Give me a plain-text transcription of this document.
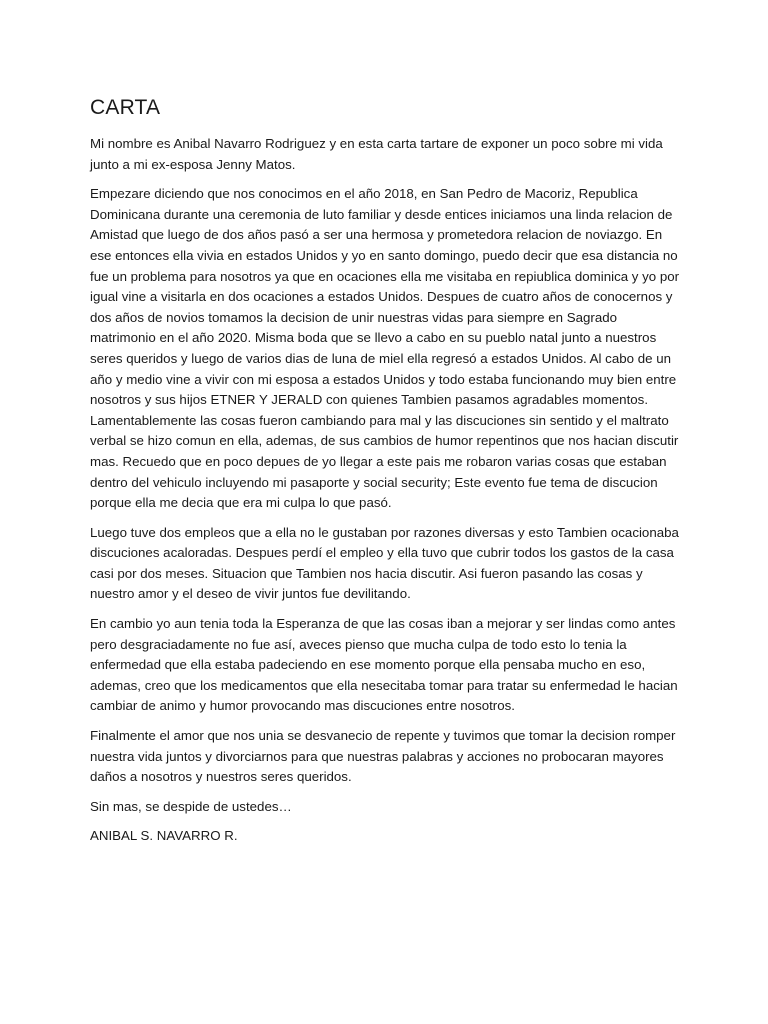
CARTA

Mi nombre es Anibal Navarro Rodriguez y en esta carta tartare de exponer un poco sobre mi vida junto a mi ex-esposa Jenny Matos.

Empezare diciendo que nos conocimos en el año 2018, en San Pedro de Macoriz, Republica Dominicana durante una ceremonia de luto familiar y desde entices iniciamos una linda relacion de Amistad que luego de dos años pasó a ser una hermosa y prometedora relacion de noviazgo. En ese entonces ella vivia en estados Unidos y yo en santo domingo, puedo decir que esa distancia no fue un problema para nosotros ya que en ocaciones ella me visitaba en repiublica dominica y yo por igual vine a visitarla en dos ocaciones a estados Unidos. Despues de cuatro años de conocernos y dos años de novios tomamos la decision de unir nuestras vidas para siempre en Sagrado matrimonio en el año 2020. Misma boda que se llevo a cabo en su pueblo natal junto a nuestros seres queridos y luego de varios dias de luna de miel ella regresó a estados Unidos. Al cabo de un año y medio vine a vivir con mi esposa a estados Unidos y todo estaba funcionando muy bien entre nosotros y sus hijos ETNER Y JERALD con quienes Tambien pasamos agradables momentos. Lamentablemente las cosas fueron cambiando para mal y las discuciones sin sentido y el maltrato verbal se hizo comun en ella, ademas, de sus cambios de humor repentinos que nos hacian discutir mas. Recuedo que en poco depues de yo llegar a este pais me robaron varias cosas que estaban dentro del vehiculo incluyendo mi pasaporte y social security; Este evento fue tema de discucion porque ella me decia que era mi culpa lo que pasó.

Luego tuve dos empleos que a ella no le gustaban por razones diversas y esto Tambien ocacionaba discuciones acaloradas. Despues perdí el empleo y ella tuvo que cubrir todos los gastos de la casa casi por dos meses. Situacion que Tambien nos hacia discutir. Asi fueron pasando las cosas y nuestro amor y el deseo de vivir juntos fue devilitando.

En cambio yo aun tenia toda la Esperanza de que las cosas iban a mejorar y ser lindas como antes pero desgraciadamente no fue así, aveces pienso que mucha culpa de todo esto lo tenia la enfermedad que ella estaba padeciendo en ese momento porque ella pensaba mucho en eso, ademas, creo que los medicamentos que ella nesecitaba tomar para tratar su enfermedad le hacian cambiar de animo y humor provocando mas discuciones entre nosotros.

Finalmente el amor que nos unia se desvanecio de repente y tuvimos que tomar la decision romper nuestra vida juntos y divorciarnos para que nuestras palabras y acciones no probocaran mayores daños a nosotros y nuestros seres queridos.

Sin mas, se despide de ustedes…

ANIBAL S. NAVARRO R.
